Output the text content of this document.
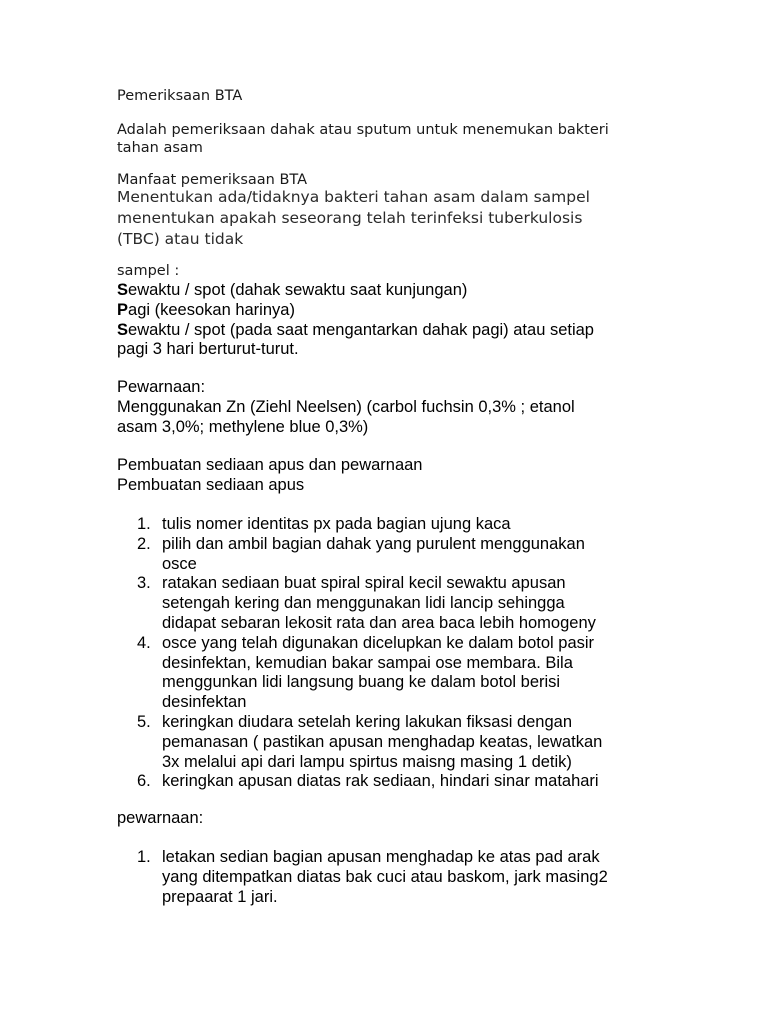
Pemeriksaan BTA
Adalah pemeriksaan dahak atau sputum untuk menemukan bakteri
tahan asam
Manfaat pemeriksaan BTA
Menentukan ada/tidaknya bakteri tahan asam dalam sampel
menentukan apakah seseorang telah terinfeksi tuberkulosis
(TBC) atau tidak
sampel :
Sewaktu / spot (dahak sewaktu saat kunjungan)
Pagi (keesokan harinya)
Sewaktu / spot (pada saat mengantarkan dahak pagi) atau setiap
pagi 3 hari berturut-turut.
Pewarnaan:
Menggunakan Zn (Ziehl Neelsen) (carbol fuchsin 0,3% ; etanol
asam 3,0%; methylene blue 0,3%)
Pembuatan sediaan apus dan pewarnaan
Pembuatan sediaan apus
1. tulis nomer identitas px pada bagian ujung kaca
2. pilih dan ambil bagian dahak yang purulent menggunakan
osce
3. ratakan sediaan buat spiral spiral kecil sewaktu apusan
setengah kering dan menggunakan lidi lancip sehingga
didapat sebaran lekosit rata dan area baca lebih homogeny
4. osce yang telah digunakan dicelupkan ke dalam botol pasir
desinfektan, kemudian bakar sampai ose membara. Bila
menggunkan lidi langsung buang ke dalam botol berisi
desinfektan
5. keringkan diudara setelah kering lakukan fiksasi dengan
pemanasan ( pastikan apusan menghadap keatas, lewatkan
3x melalui api dari lampu spirtus maisng masing 1 detik)
6. keringkan apusan diatas rak sediaan, hindari sinar matahari
pewarnaan:
1. letakan sedian bagian apusan menghadap ke atas pad arak
yang ditempatkan diatas bak cuci atau baskom, jark masing2
prepaarat 1 jari.
